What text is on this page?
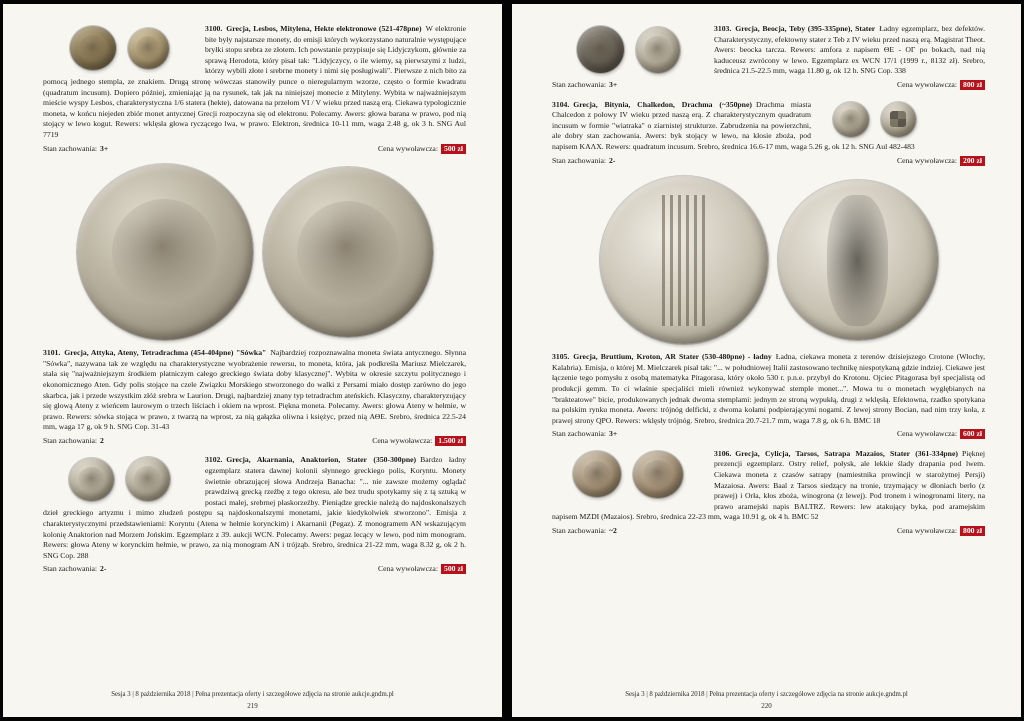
3100. Grecja, Lesbos, Mitylena, Hekte elektronowe (521-478pne) W elektronie bite były najstarsze monety, do emisji których wykorzystano naturalnie występujące bryłki stopu srebra ze złotem. Ich powstanie przypisuje się Lidyjczykom, głównie za sprawą Herodota, który pisał tak: "Lidyjczycy, o ile wiemy, są pierwszymi z ludzi, którzy wybili złote i srebrne monety i nimi się posługiwali". Pierwsze z nich bito za pomocą jednego stempla, ze znakiem. Drugą stronę wówczas stanowiły punce o nieregularnym wzorze, często o formie kwadratu (quadratum incusum). Dopiero później, zmieniając ją na rysunek, tak jak na niniejszej monecie z Mityleny. Wybita w najważniejszym mieście wyspy Lesbos, charakterystyczna 1/6 statera (hekte), datowana na przełom VI / V wieku przed naszą erą. Ciekawa typologicznie moneta, w końcu niejeden zbiór monet antycznej Grecji rozpoczyna się od elektronu. Polecamy. Awers: głowa barana w prawo, pod nią stojący w lewo kogut. Rewers: wklęsła głowa ryczącego lwa, w prawo. Elektron, średnica 10-11 mm, waga 2.48 g, ok 3 h. SNG Aul 7719

Stan zachowania: 3+	Cena wywoławcza: 500 zł

3101. Grecja, Attyka, Ateny, Tetradrachma (454-404pne) "Sówka" Najbardziej rozpoznawalna moneta świata antycznego. Słynna "Sówka", nazywana tak ze względu na charakterystyczne wyobrażenie rewersu, to moneta, która, jak podkreśla Mariusz Mielczarek, stała się "najważniejszym środkiem płatniczym całego greckiego świata doby klasycznej". Wybita w okresie szczytu politycznego i ekonomicznego Aten. Gdy polis stojące na czele Związku Morskiego stworzonego do walki z Persami miało dostęp zarówno do jego skarbca, jak i przede wszystkim złóż srebra w Laurion. Drugi, najbardziej znany typ tetradrachm ateńskich. Klasyczny, charakteryzujący się głową Ateny z wieńcem laurowym o trzech liściach i okiem na wprost. Piękna moneta. Polecamy. Awers: głowa Ateny w hełmie, w prawo. Rewers: sówka stojąca w prawo, z twarzą na wprost, za nią gałązka oliwna i księżyc, przed nią ΑΘΕ. Srebro, średnica 22.5-24 mm, waga 17 g, ok 9 h. SNG Cop. 31-43

Stan zachowania: 2	Cena wywoławcza: 1.500 zł

3102. Grecja, Akarnania, Anaktorion, Stater (350-300pne) Bardzo ładny egzemplarz statera dawnej kolonii słynnego greckiego polis, Koryntu. Monety świetnie obrazującej słowa Andrzeja Banacha: "... nie zawsze możemy oglądać prawdziwą grecką rzeźbę z tego okresu, ale bez trudu spotykamy się z tą sztuką w postaci małej, srebrnej płaskorzeźby. Pieniądze greckie należą do najdoskonalszych dzieł greckiego artyzmu i mimo złudzeń postępu są najdoskonalszymi monetami, jakie kiedykolwiek stworzono". Emisja z charakterystycznymi przedstawieniami: Koryntu (Atena w hełmie korynckim) i Akarnanii (Pegaz). Z monogramem AN wskazującym kolonię Anaktorion nad Morzem Jońskim. Egzemplarz z 39. aukcji WCN. Polecamy. Awers: pegaz lecący w lewo, pod nim monogram. Rewers: głowa Ateny w korynckim hełmie, w prawo, za nią monogram AN i trójząb. Srebro, średnica 21-22 mm, waga 8.32 g, ok 2 h. SNG Cop. 288

Stan zachowania: 2-	Cena wywoławcza: 500 zł
Sesja 3 | 8 października 2018 | Pełna prezentacja oferty i szczegółowe zdjęcia na stronie aukcje.gndm.pl
219

3103. Grecja, Beocja, Teby (395-335pne), Stater Ładny egzemplarz, bez defektów. Charakterystyczny, efektowny stater z Teb z IV wieku przed naszą erą. Magistrat Theot. Awers: beocka tarcza. Rewers: amfora z napisem ΘΕ - ΟΓ po bokach, nad nią kaduceusz zwrócony w lewo. Egzemplarz ex WCN 17/1 (1999 r., 8132 zł). Srebro, średnica 21.5-22.5 mm, waga 11.80 g, ok 12 h. SNG Cop. 338

Stan zachowania: 3+	Cena wywoławcza: 800 zł

3104. Grecja, Bitynia, Chalkedon, Drachma (~350pne) Drachma miasta Chalcedon z połowy IV wieku przed naszą erą. Z charakterystycznym quadratum incusum w formie "wiatraka" o ziarnistej strukturze. Zabrudzenia na powierzchni, ale dobry stan zachowania. Awers: byk stojący w lewo, na kłosie zboża, pod napisem ΚΑΛΧ. Rewers: quadratum incusum. Srebro, średnica 16.6-17 mm, waga 5.26 g, ok 12 h. SNG Aul 482-483

Stan zachowania: 2-	Cena wywoławcza: 200 zł

3105. Grecja, Bruttium, Kroton, AR Stater (530-480pne) - ładny Ładna, ciekawa moneta z terenów dzisiejszego Crotone (Włochy, Kalabria). Emisja, o której M. Mielczarek pisał tak: "... w południowej Italii zastosowano technikę niespotykaną gdzie indziej. Ciekawe jest łączenie tego pomysłu z osobą matematyka Pitagorasa, który około 530 r. p.n.e. przybył do Krotonu. Ojciec Pitagorasa był specjalistą od produkcji gemm. To ci właśnie specjaliści mieli również wykonywać stemple monet...". Mowa tu o monetach wygłębianych na "brakteatowe" bicie, produkowanych jednak dwoma stemplami: jednym ze stroną wypukłą, drugi z wklęsłą. Efektowna, rzadko spotykana na polskim rynku moneta. Awers: trójnóg delficki, z dwoma kołami podpierającymi nogami. Z lewej strony Bocian, nad nim trzy koła, z prawej strony QPO. Rewers: wklęsły trójnóg. Srebro, średnica 20.7-21.7 mm, waga 7.8 g, ok 6 h. BMC 18

Stan zachowania: 3+	Cena wywoławcza: 600 zł

3106. Grecja, Cylicja, Tarsos, Satrapa Mazaios, Stater (361-334pne) Pięknej prezencji egzemplarz. Ostry relief, połysk, ale lekkie ślady drapania pod lwem. Ciekawa moneta z czasów satrapy (namiestnika prowincji w starożytnej Persji) Mazaiosa. Awers: Baal z Tarsos siedzący na tronie, trzymający w dłoniach berło (z prawej) i Orła, kłos zboża, winogrona (z lewej). Pod tronem i winogronami litery, na prawo aramejski napis BALTRZ. Rewers: lew atakujący byka, pod aramejskim napisem MZDI (Mazaios). Srebro, średnica 22-23 mm, waga 10.91 g, ok 4 h. BMC 52

Stan zachowania: ~2	Cena wywoławcza: 800 zł
Sesja 3 | 8 października 2018 | Pełna prezentacja oferty i szczegółowe zdjęcia na stronie aukcje.gndm.pl
220
